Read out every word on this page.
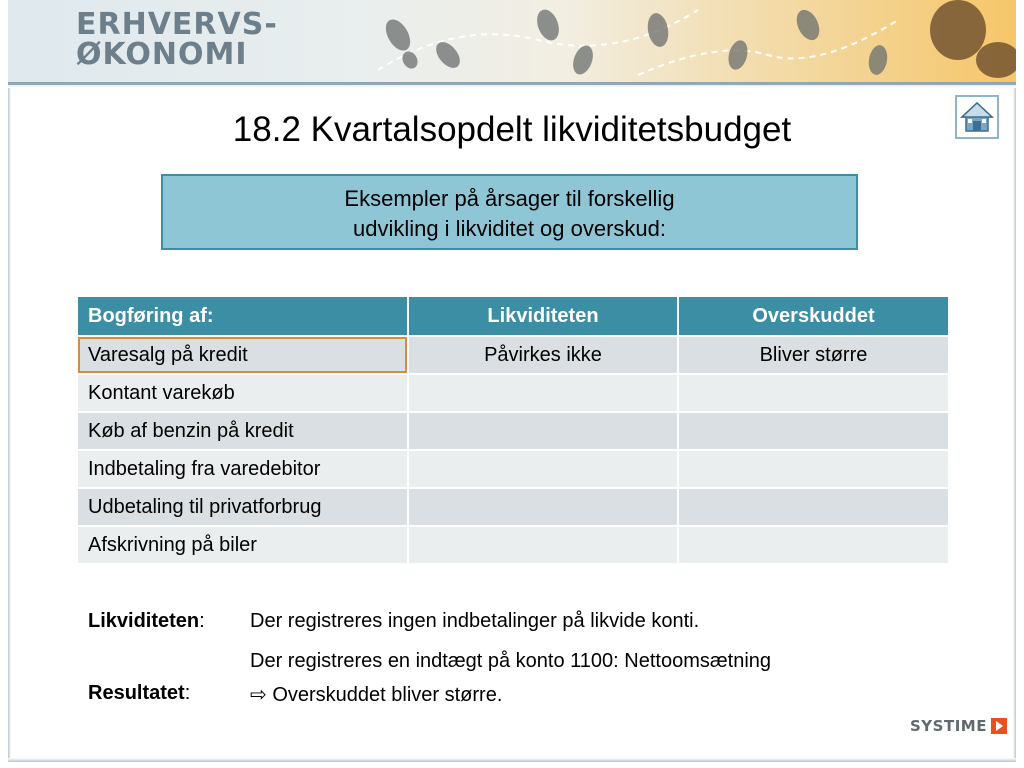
ERHVERVS-
ØKONOMI
18.2 Kvartalsopdelt likviditetsbudget
Eksempler på årsager til forskellig
udvikling i likviditet og overskud:
Bogføring af:	Likviditeten	Overskuddet
Varesalg på kredit	Påvirkes ikke	Bliver større
Kontant varekøb		
Køb af benzin på kredit		
Indbetaling fra varedebitor		
Udbetaling til privatforbrug		
Afskrivning på biler		
Likviditeten: Der registreres ingen indbetalinger på likvide konti.
Der registreres en indtægt på konto 1100: Nettoomsætning
Resultatet:	⇨ Overskuddet bliver større.
SYSTIME
